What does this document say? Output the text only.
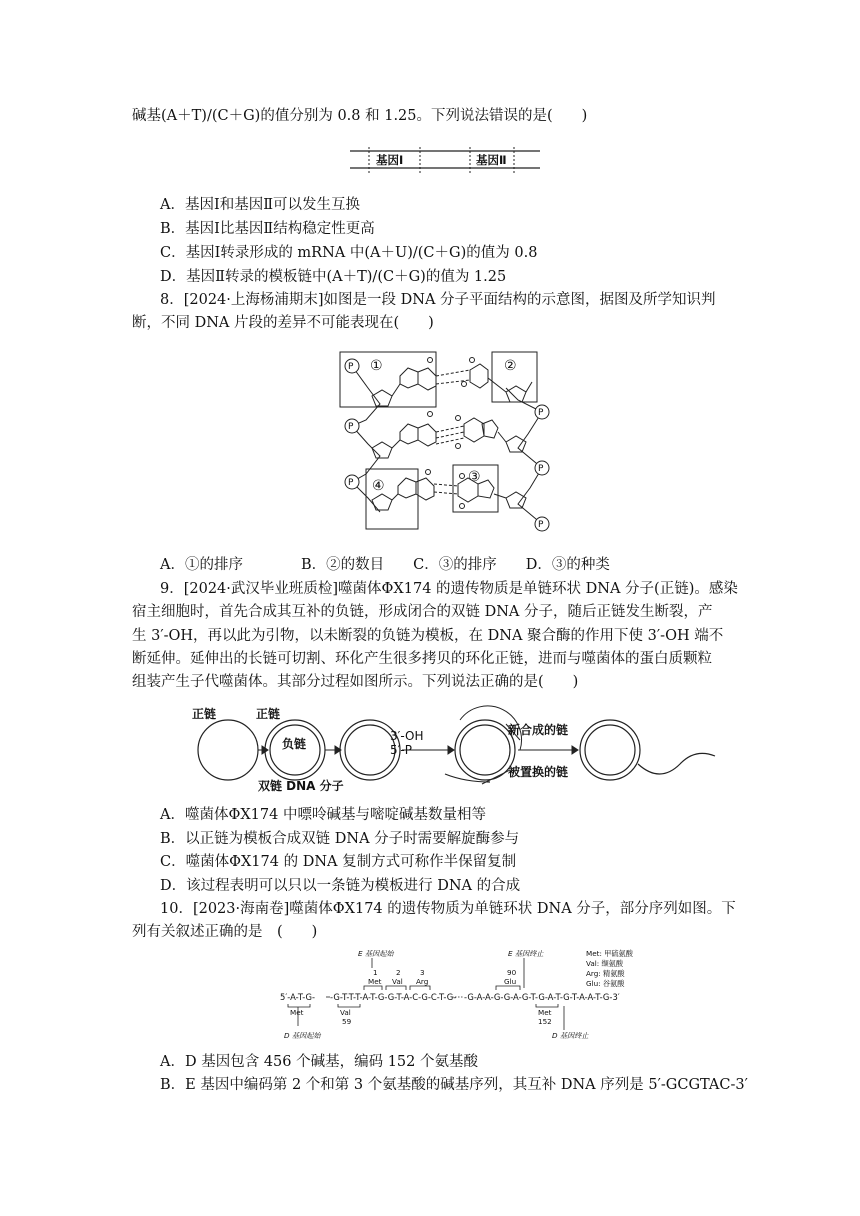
碱基(A＋T)/(C＋G)的值分别为 0.8 和 1.25。下列说法错误的是(　　)
基因Ⅰ	基因Ⅱ
A．基因Ⅰ和基因Ⅱ可以发生互换
B．基因Ⅰ比基因Ⅱ结构稳定性更高
C．基因Ⅰ转录形成的 mRNA 中(A＋U)/(C＋G)的值为 0.8
D．基因Ⅱ转录的模板链中(A＋T)/(C＋G)的值为 1.25
8．[2024·上海杨浦期末]如图是一段 DNA 分子平面结构的示意图，据图及所学知识判
断，不同 DNA 片段的差异不可能表现在(　　)
P
P
P
P
P
P
①	②
③
④
A．①的排序　　　　B．②的数目　　C．③的排序　　D．③的种类
9．[2024·武汉毕业班质检]噬菌体ΦX174 的遗传物质是单链环状 DNA 分子(正链)。感染
宿主细胞时，首先合成其互补的负链，形成闭合的双链 DNA 分子，随后正链发生断裂，产
生 3′-OH，再以此为引物，以未断裂的负链为模板，在 DNA 聚合酶的作用下使 3′-OH 端不
断延伸。延伸出的长链可切割、环化产生很多拷贝的环化正链，进而与噬菌体的蛋白质颗粒
组装产生子代噬菌体。其部分过程如图所示。下列说法正确的是(　　)
正链	正链
负链
双链 DNA 分子
3′-OH
5′-P
新合成的链
被置换的链
A．噬菌体ΦX174 中嘌呤碱基与嘧啶碱基数量相等
B．以正链为模板合成双链 DNA 分子时需要解旋酶参与
C．噬菌体ΦX174 的 DNA 复制方式可称作半保留复制
D．该过程表明可以只以一条链为模板进行 DNA 的合成
10．[2023·海南卷]噬菌体ΦX174 的遗传物质为单链环状 DNA 分子，部分序列如图。下
列有关叙述正确的是　(　　)
Met: 甲硫氨酸
Val: 缬氨酸
Arg: 精氨酸
Glu: 谷氨酸
E 基因起始	E 基因终止
1	2	3	90
Met Val Arg	Glu
Met	Val	Met
59	152
D 基因起始	D 基因终止
5′-A-T-G- -G-T-T-T-A-T-G-G-T-A-C-G-C-T-G- -G-A-A-G-G-A-G-T-G-A-T-G-T-A-A-T-G-3′
A．D 基因包含 456 个碱基，编码 152 个氨基酸
B．E 基因中编码第 2 个和第 3 个氨基酸的碱基序列，其互补 DNA 序列是 5′-GCGTAC-3′
